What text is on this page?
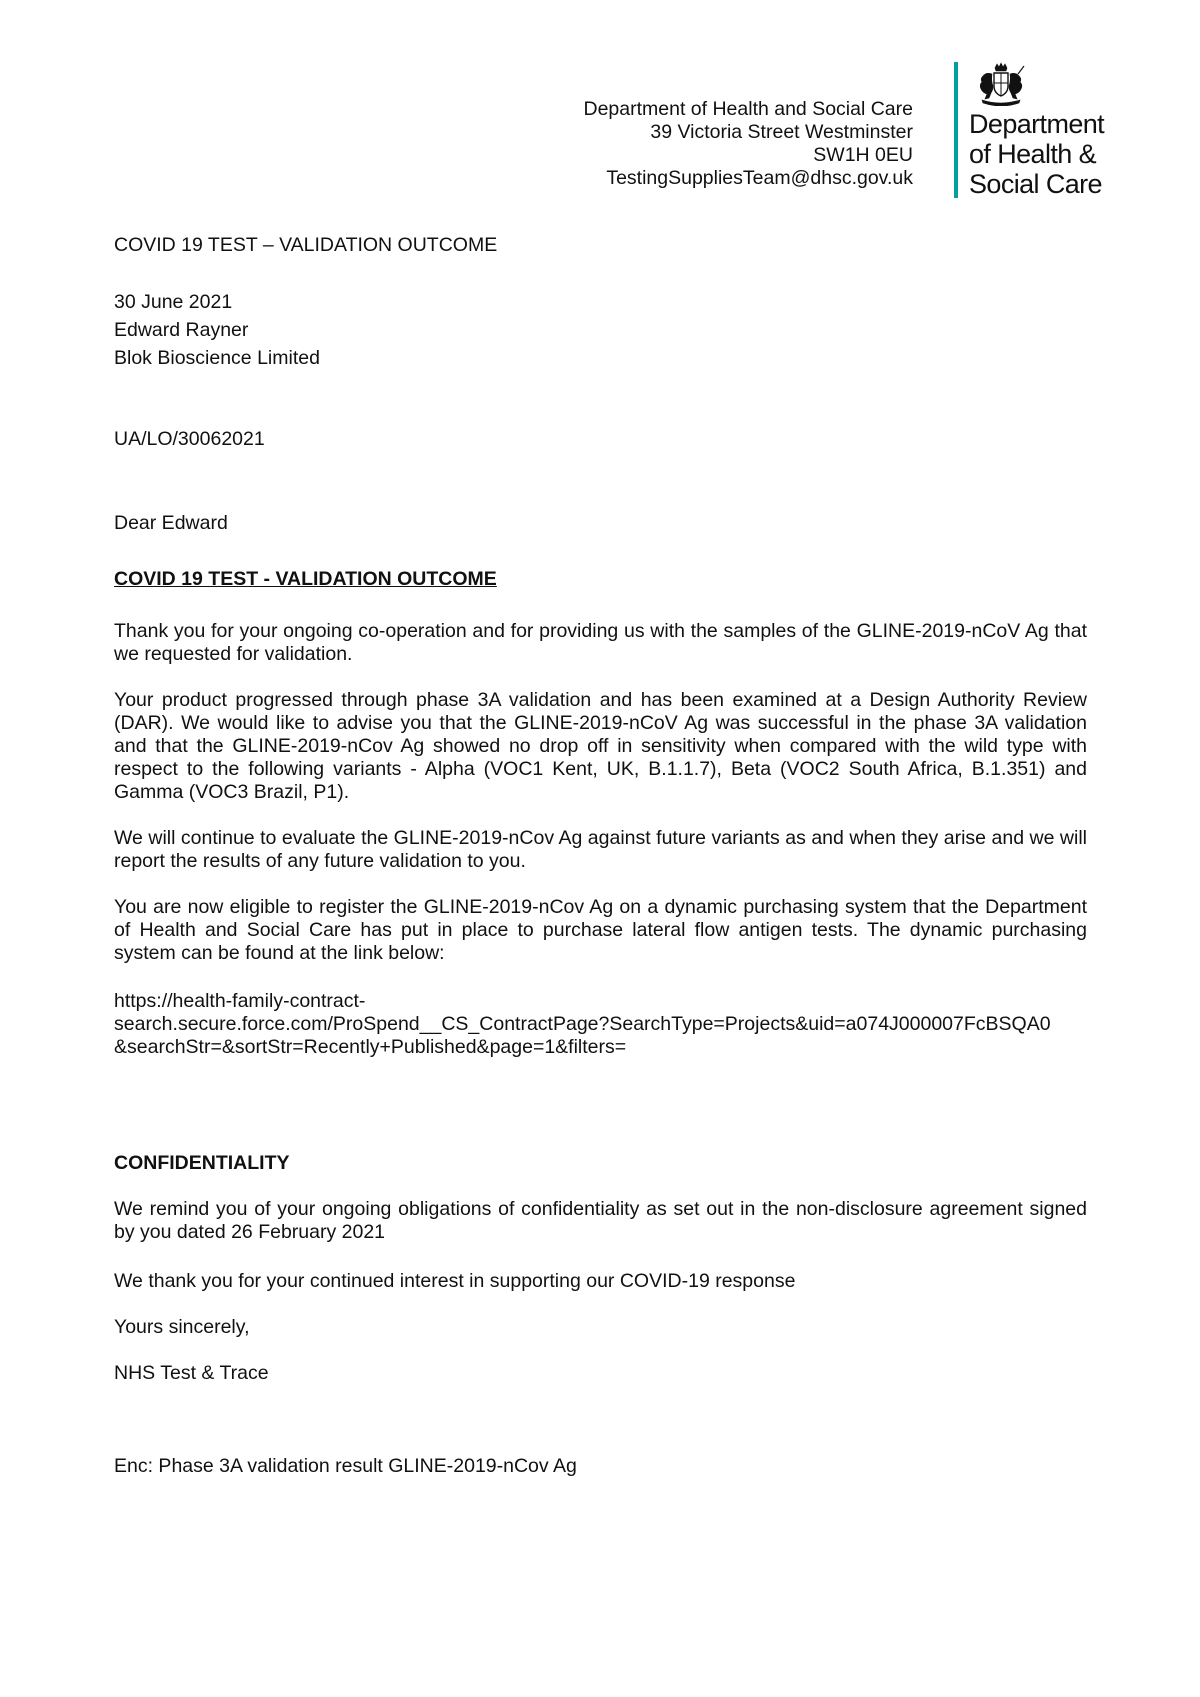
Department of Health and Social Care
39 Victoria Street Westminster
SW1H 0EU
TestingSuppliesTeam@dhsc.gov.uk
Department
of Health &
Social Care
COVID 19 TEST – VALIDATION OUTCOME
30 June 2021
Edward Rayner
Blok Bioscience Limited
UA/LO/30062021
Dear Edward
COVID 19 TEST - VALIDATION OUTCOME
Thank you for your ongoing co-operation and for providing us with the samples of the GLINE-2019-nCoV Ag that we requested for validation.
Your product progressed through phase 3A validation and has been examined at a Design Authority Review (DAR). We would like to advise you that the GLINE-2019-nCoV Ag was successful in the phase 3A validation and that the GLINE-2019-nCov Ag showed no drop off in sensitivity when compared with the wild type with respect to the following variants - Alpha (VOC1 Kent, UK, B.1.1.7), Beta (VOC2 South Africa, B.1.351) and Gamma (VOC3 Brazil, P1).
We will continue to evaluate the GLINE-2019-nCov Ag against future variants as and when they arise and we will report the results of any future validation to you.
You are now eligible to register the GLINE-2019-nCov Ag on a dynamic purchasing system that the Department of Health and Social Care has put in place to purchase lateral flow antigen tests. The dynamic purchasing system can be found at the link below:
https://health-family-contract-
search.secure.force.com/ProSpend__CS_ContractPage?SearchType=Projects&uid=a074J000007FcBSQA0
&searchStr=&sortStr=Recently+Published&page=1&filters=
CONFIDENTIALITY
We remind you of your ongoing obligations of confidentiality as set out in the non-disclosure agreement signed by you dated 26 February 2021
We thank you for your continued interest in supporting our COVID-19 response
Yours sincerely,
NHS Test & Trace
Enc: Phase 3A validation result GLINE-2019-nCov Ag
